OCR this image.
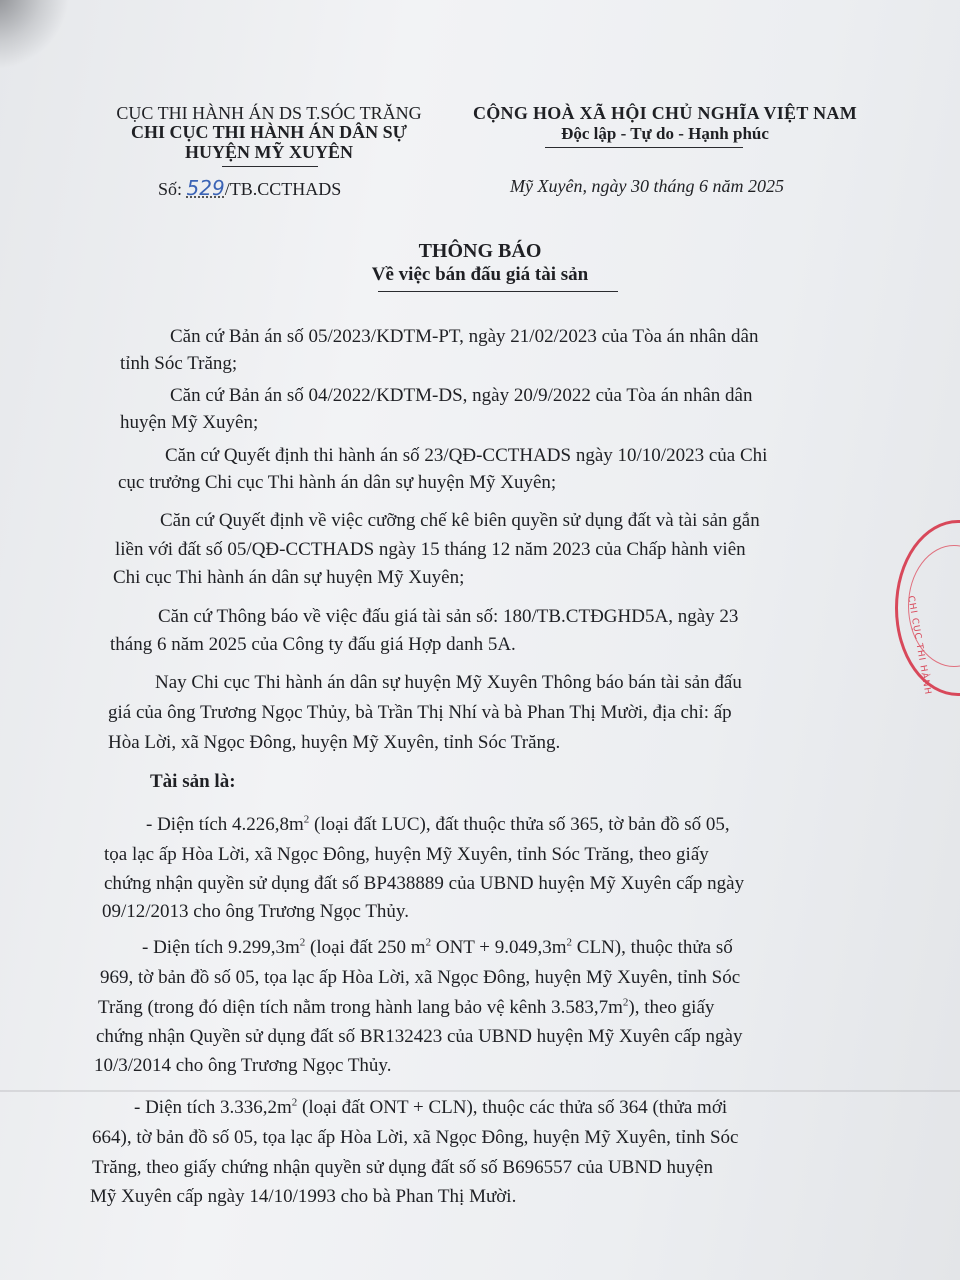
CHI CỤC THI HÀNH
CỤC THI HÀNH ÁN DS T.SÓC TRĂNG
CHI CỤC THI HÀNH ÁN DÂN SỰ
HUYỆN MỸ XUYÊN
CỘNG HOÀ XÃ HỘI CHỦ NGHĨA VIỆT NAM
Độc lập - Tự do - Hạnh phúc
Số: 529/TB.CCTHADS	Mỹ Xuyên, ngày 30 tháng 6 năm 2025
THÔNG BÁO
Về việc bán đấu giá tài sản
Căn cứ Bản án số 05/2023/KDTM-PT, ngày 21/02/2023 của Tòa án nhân dân
tỉnh Sóc Trăng;
Căn cứ Bản án số 04/2022/KDTM-DS, ngày 20/9/2022 của Tòa án nhân dân
huyện Mỹ Xuyên;
Căn cứ Quyết định thi hành án số 23/QĐ-CCTHADS ngày 10/10/2023 của Chi
cục trưởng Chi cục Thi hành án dân sự huyện Mỹ Xuyên;
Căn cứ Quyết định về việc cưỡng chế kê biên quyền sử dụng đất và tài sản gắn
liền với đất số 05/QĐ-CCTHADS ngày 15 tháng 12 năm 2023 của Chấp hành viên
Chi cục Thi hành án dân sự huyện Mỹ Xuyên;
Căn cứ Thông báo về việc đấu giá tài sản số: 180/TB.CTĐGHD5A, ngày 23
tháng 6 năm 2025 của Công ty đấu giá Hợp danh 5A.
Nay Chi cục Thi hành án dân sự huyện Mỹ Xuyên Thông báo bán tài sản đấu
giá của ông Trương Ngọc Thủy, bà Trần Thị Nhí và bà Phan Thị Mười, địa chỉ: ấp
Hòa Lời, xã Ngọc Đông, huyện Mỹ Xuyên, tỉnh Sóc Trăng.
Tài sản là:
- Diện tích $4.226,8m^2$ (loại đất LUC), đất thuộc thửa số 365, tờ bản đồ số 05,
tọa lạc ấp Hòa Lời, xã Ngọc Đông, huyện Mỹ Xuyên, tỉnh Sóc Trăng, theo giấy
chứng nhận quyền sử dụng đất số BP438889 của UBND huyện Mỹ Xuyên cấp ngày
09/12/2013 cho ông Trương Ngọc Thủy.
- Diện tích $9.299,3m^2$ (loại đất 250 $m^2$ ONT + $9.049,3m^2$ CLN), thuộc thửa số
969, tờ bản đồ số 05, tọa lạc ấp Hòa Lời, xã Ngọc Đông, huyện Mỹ Xuyên, tỉnh Sóc
Trăng (trong đó diện tích nằm trong hành lang bảo vệ kênh $3.583,7m^2$), theo giấy
chứng nhận Quyền sử dụng đất số BR132423 của UBND huyện Mỹ Xuyên cấp ngày
10/3/2014 cho ông Trương Ngọc Thủy.
- Diện tích $3.336,2m^2$ (loại đất ONT + CLN), thuộc các thửa số 364 (thửa mới
664), tờ bản đồ số 05, tọa lạc ấp Hòa Lời, xã Ngọc Đông, huyện Mỹ Xuyên, tỉnh Sóc
Trăng, theo giấy chứng nhận quyền sử dụng đất số số B696557 của UBND huyện
Mỹ Xuyên cấp ngày 14/10/1993 cho bà Phan Thị Mười.
